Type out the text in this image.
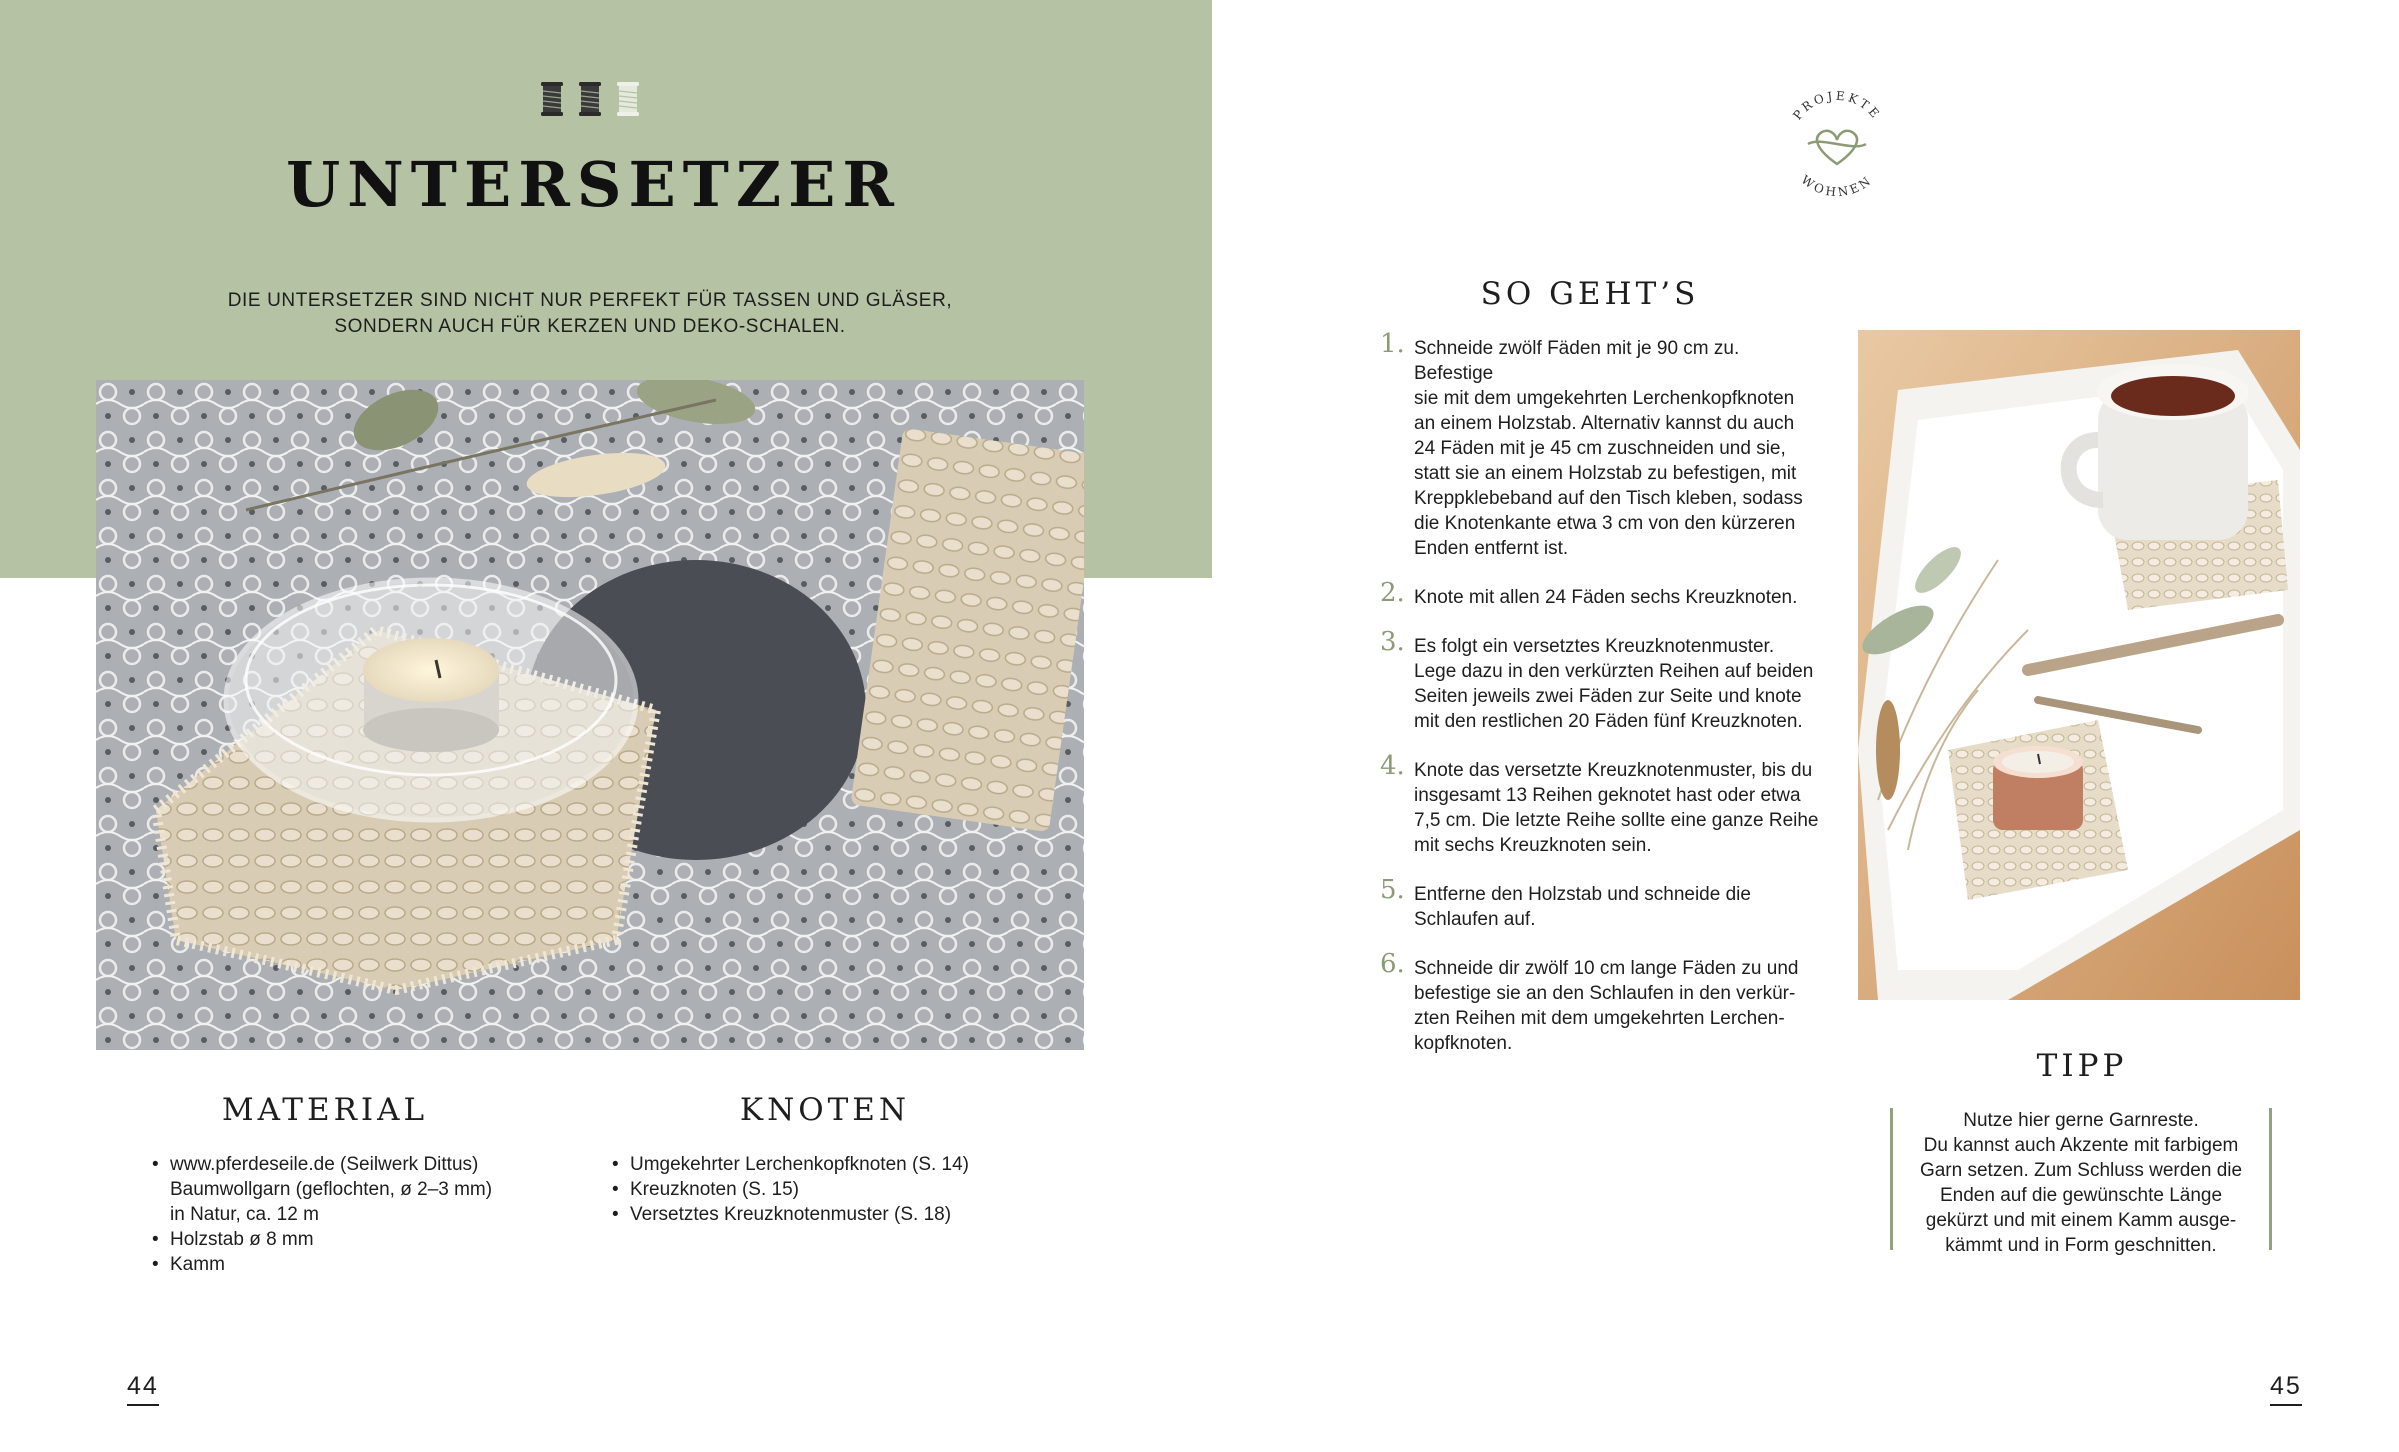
UNTERSETZER
DIE UNTERSETZER SIND NICHT NUR PERFEKT FÜR TASSEN UND GLÄSER,
SONDERN AUCH FÜR KERZEN UND DEKO-SCHALEN.
MATERIAL
• www.pferdeseile.de (Seilwerk Dittus)
Baumwollgarn (geflochten, ø 2–3 mm)
in Natur, ca. 12 m
• Holzstab ø 8 mm
• Kamm
KNOTEN
• Umgekehrter Lerchenkopfknoten (S. 14)
• Kreuzknoten (S. 15)
• Versetztes Kreuzknotenmuster (S. 18)
44
PROJEKTE
WOHNEN
SO GEHT’S
1. Schneide zwölf Fäden mit je 90 cm zu. Befestige
sie mit dem umgekehrten Lerchenkopfknoten
an einem Holzstab. Alternativ kannst du auch
24 Fäden mit je 45 cm zuschneiden und sie,
statt sie an einem Holzstab zu befestigen, mit
Kreppklebeband auf den Tisch kleben, sodass
die Knotenkante etwa 3 cm von den kürzeren
Enden entfernt ist.
2. Knote mit allen 24 Fäden sechs Kreuzknoten.
3. Es folgt ein versetztes Kreuzknotenmuster.
Lege dazu in den verkürzten Reihen auf beiden
Seiten jeweils zwei Fäden zur Seite und knote
mit den restlichen 20 Fäden fünf Kreuzknoten.
4. Knote das versetzte Kreuzknotenmuster, bis du
insgesamt 13 Reihen geknotet hast oder etwa
7,5 cm. Die letzte Reihe sollte eine ganze Reihe
mit sechs Kreuzknoten sein.
5. Entferne den Holzstab und schneide die
Schlaufen auf.
6. Schneide dir zwölf 10 cm lange Fäden zu und
befestige sie an den Schlaufen in den verkür-
zten Reihen mit dem umgekehrten Lerchen-
kopfknoten.
TIPP
Nutze hier gerne Garnreste.
Du kannst auch Akzente mit farbigem
Garn setzen. Zum Schluss werden die
Enden auf die gewünschte Länge
gekürzt und mit einem Kamm ausge-
kämmt und in Form geschnitten.
45
